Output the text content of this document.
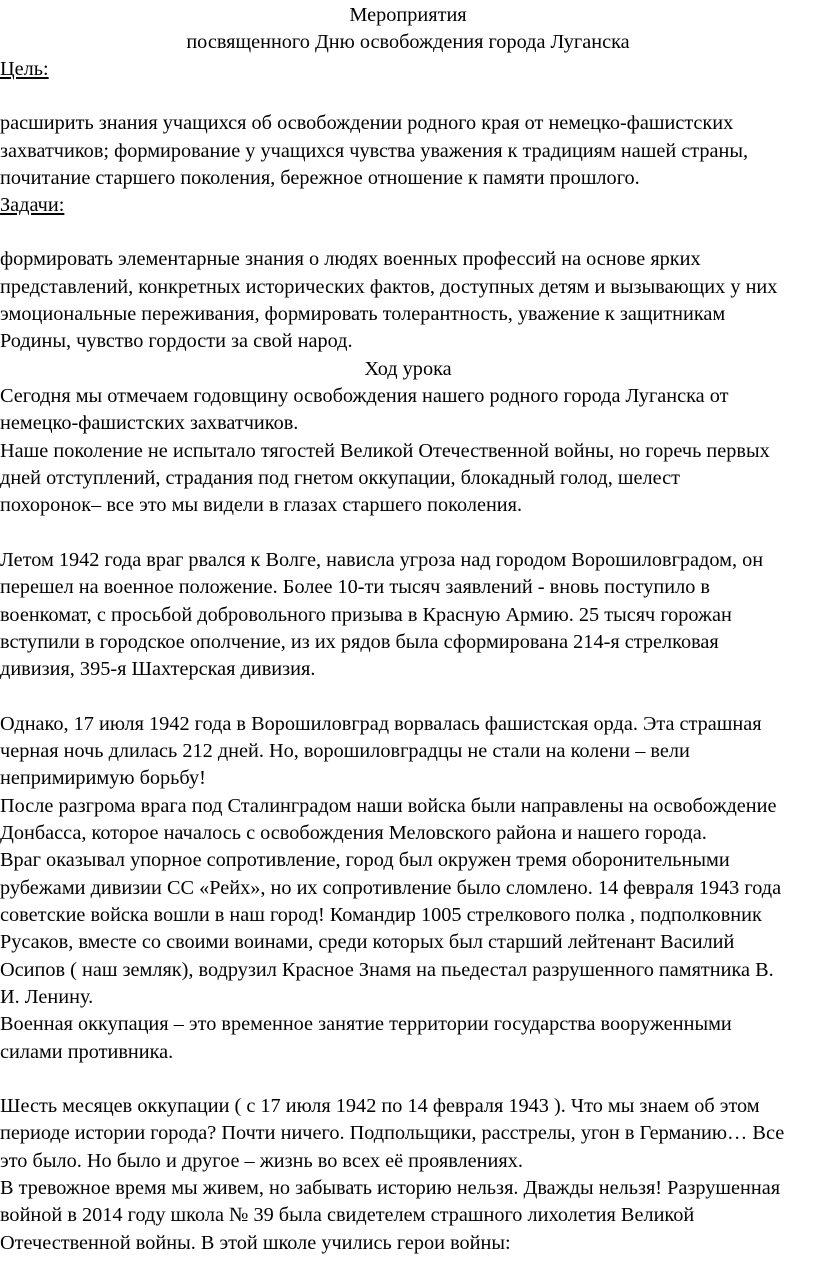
Мероприятия
посвященного Дню освобождения города Луганска
Цель:
расширить знания учащихся об освобождении родного края от немецко-фашистских
захватчиков; формирование у учащихся чувства уважения к традициям нашей страны,
почитание старшего поколения, бережное отношение к памяти прошлого.
Задачи:
формировать элементарные знания о людях военных профессий на основе ярких
представлений, конкретных исторических фактов, доступных детям и вызывающих у них
эмоциональные переживания, формировать толерантность, уважение к защитникам
Родины, чувство гордости за свой народ.
Ход урока
Сегодня мы отмечаем годовщину освобождения нашего родного города Луганска от
немецко-фашистских захватчиков.
Наше поколение не испытало тягостей Великой Отечественной войны, но горечь первых
дней отступлений, страдания под гнетом оккупации, блокадный голод, шелест
похоронок– все это мы видели в глазах старшего поколения.
Летом 1942 года враг рвался к Волге, нависла угроза над городом Ворошиловградом, он
перешел на военное положение. Более 10-ти тысяч заявлений - вновь поступило в
военкомат, с просьбой добровольного призыва в Красную Армию. 25 тысяч горожан
вступили в городское ополчение, из их рядов была сформирована 214-я стрелковая
дивизия, 395-я Шахтерская дивизия.
Однако, 17 июля 1942 года в Ворошиловград ворвалась фашистская орда. Эта страшная
черная ночь длилась 212 дней. Но, ворошиловградцы не стали на колени – вели
непримиримую борьбу!
После разгрома врага под Сталинградом наши войска были направлены на освобождение
Донбасса, которое началось с освобождения Меловского района и нашего города.
Враг оказывал упорное сопротивление, город был окружен тремя оборонительными
рубежами дивизии СС «Рейх», но их сопротивление было сломлено. 14 февраля 1943 года
советские войска вошли в наш город! Командир 1005 стрелкового полка , подполковник
Русаков, вместе со своими воинами, среди которых был старший лейтенант Василий
Осипов ( наш земляк), водрузил Красное Знамя на пьедестал разрушенного памятника В.
И. Ленину.
Военная оккупация – это временное занятие территории государства вооруженными
силами противника.
Шесть месяцев оккупации ( с 17 июля 1942 по 14 февраля 1943 ). Что мы знаем об этом
периоде истории города? Почти ничего. Подпольщики, расстрелы, угон в Германию… Все
это было. Но было и другое – жизнь во всех её проявлениях.
В тревожное время мы живем, но забывать историю нельзя. Дважды нельзя! Разрушенная
войной в 2014 году школа № 39 была свидетелем страшного лихолетия Великой
Отечественной войны. В этой школе учились герои войны:
